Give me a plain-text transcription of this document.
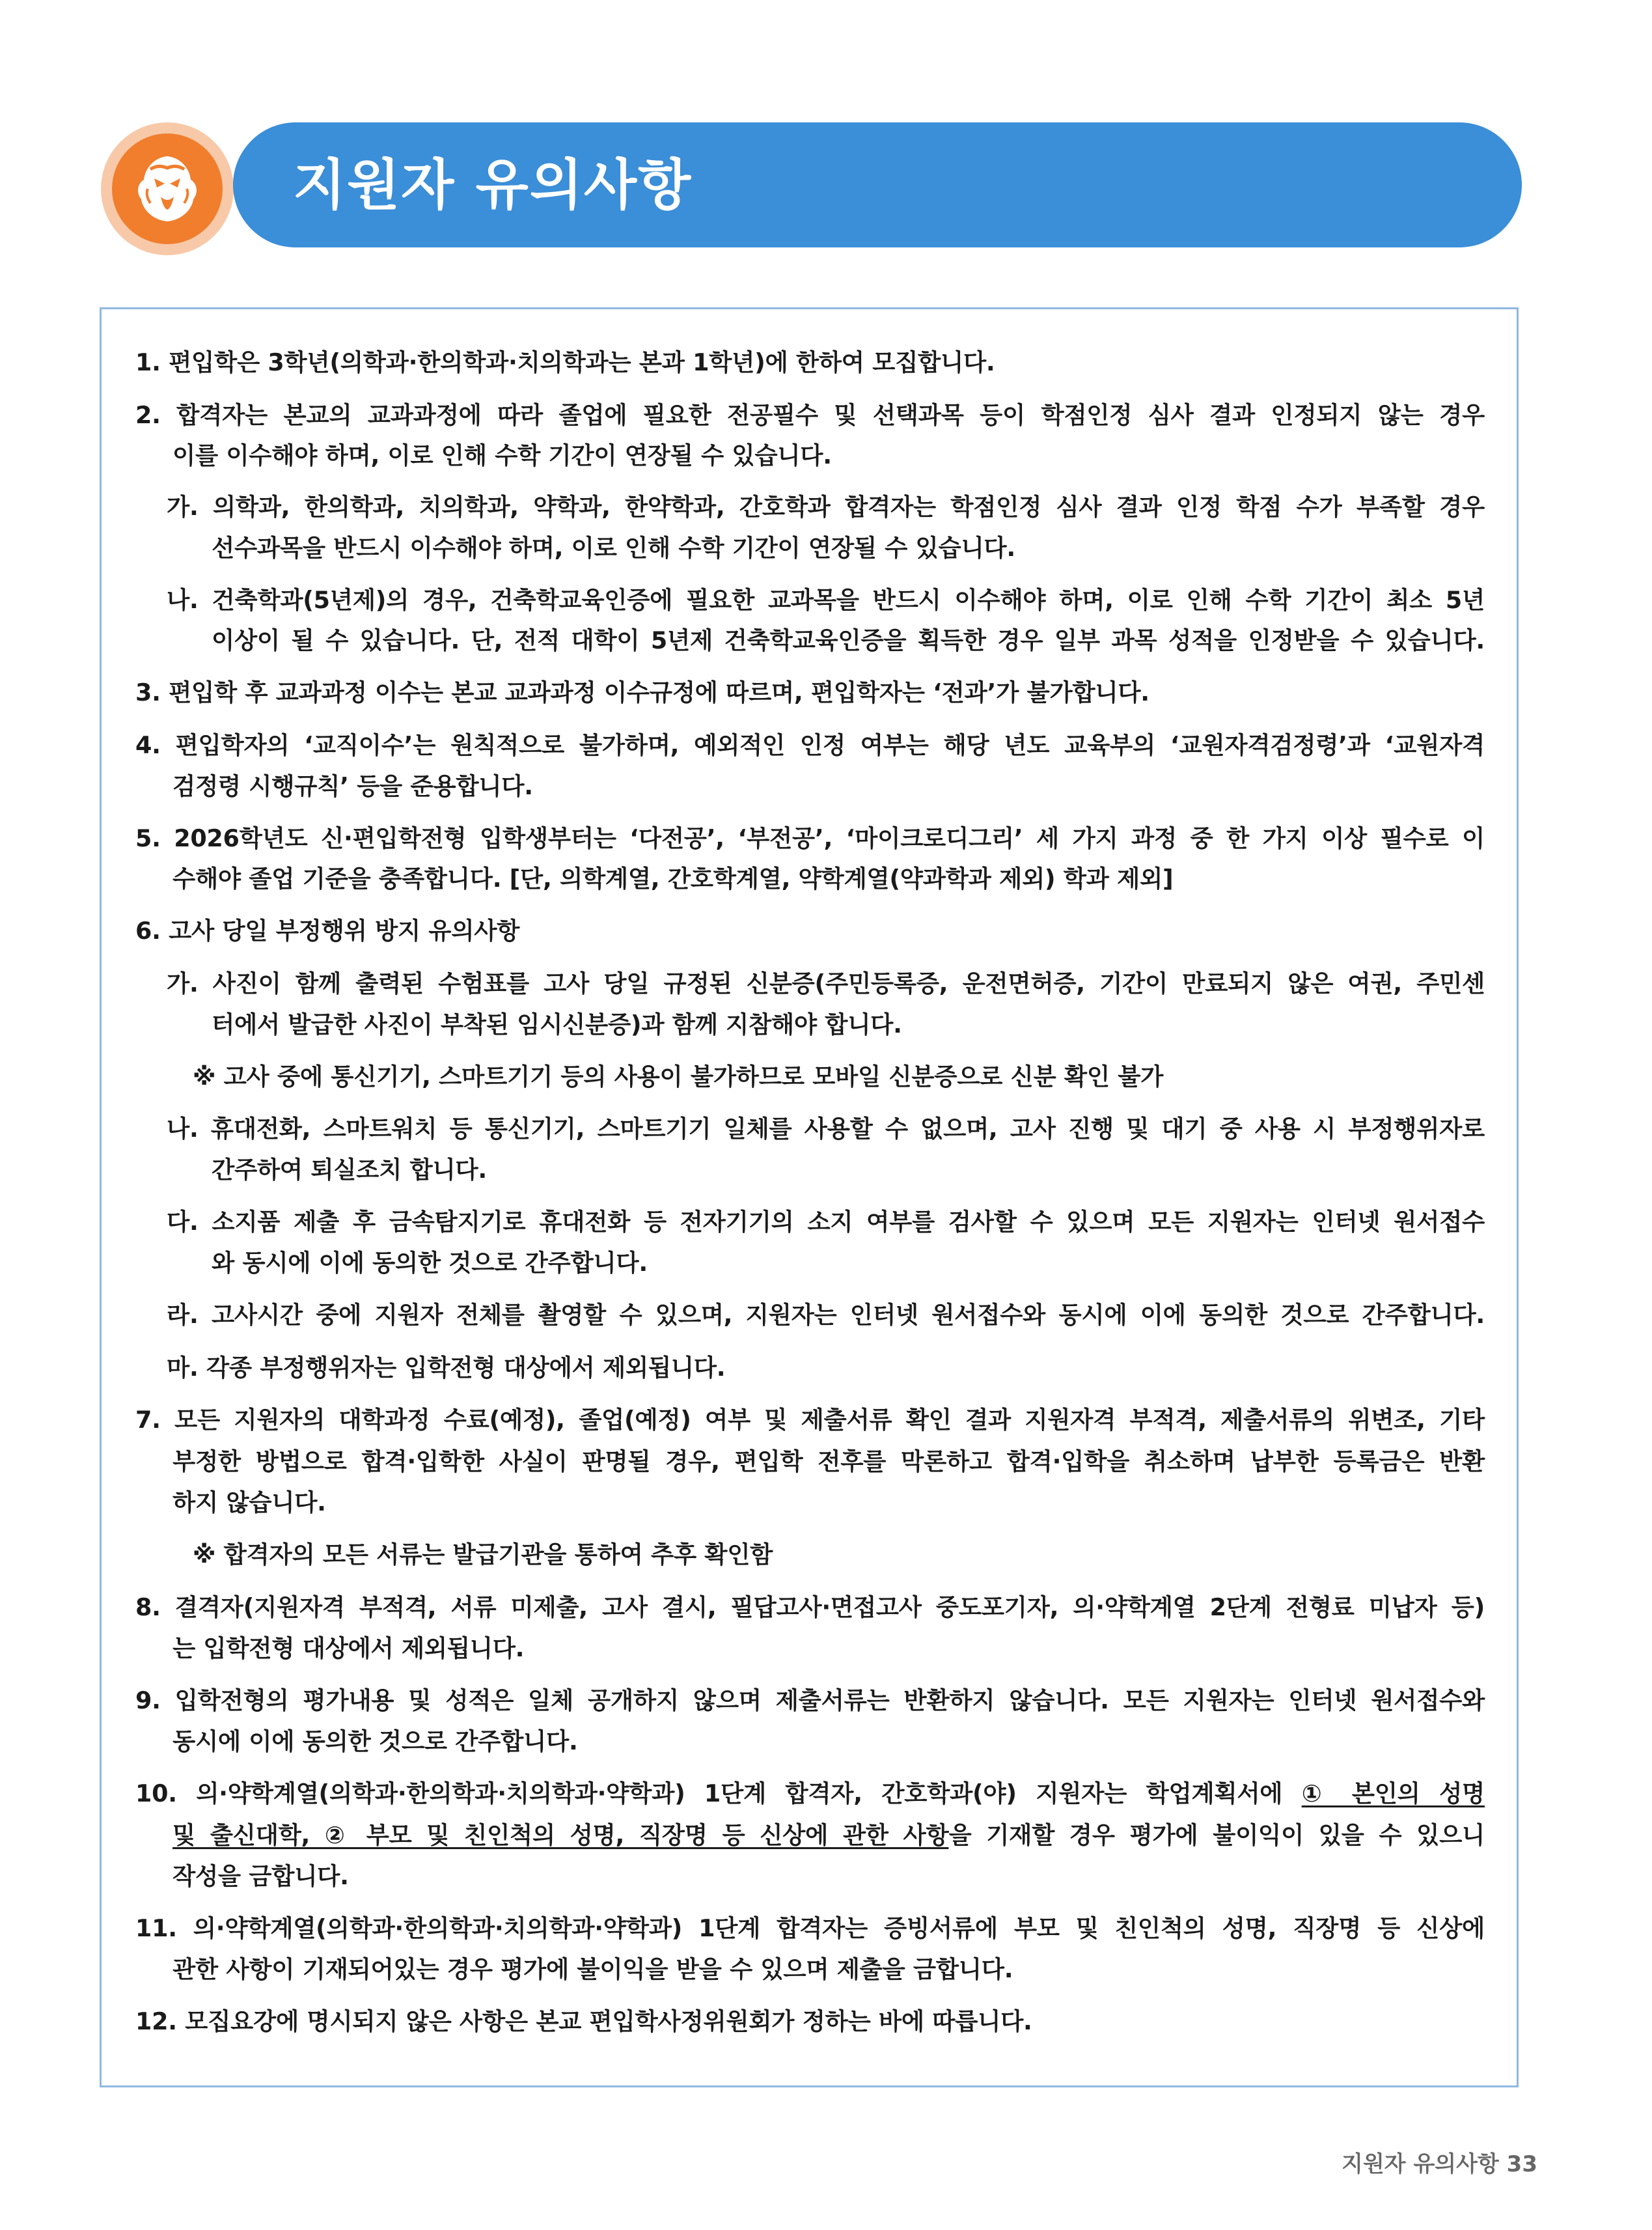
지원자 유의사항
1. 편입학은 3학년(의학과·한의학과·치의학과는 본과 1학년)에 한하여 모집합니다.
2. 합격자는 본교의 교과과정에 따라 졸업에 필요한 전공필수 및 선택과목 등이 학점인정 심사 결과 인정되지 않는 경우
이를 이수해야 하며, 이로 인해 수학 기간이 연장될 수 있습니다.
가. 의학과, 한의학과, 치의학과, 약학과, 한약학과, 간호학과 합격자는 학점인정 심사 결과 인정 학점 수가 부족할 경우
선수과목을 반드시 이수해야 하며, 이로 인해 수학 기간이 연장될 수 있습니다.
나. 건축학과(5년제)의 경우, 건축학교육인증에 필요한 교과목을 반드시 이수해야 하며, 이로 인해 수학 기간이 최소 5년
이상이 될 수 있습니다. 단, 전적 대학이 5년제 건축학교육인증을 획득한 경우 일부 과목 성적을 인정받을 수 있습니다.
3. 편입학 후 교과과정 이수는 본교 교과과정 이수규정에 따르며, 편입학자는 ‘전과’가 불가합니다.
4. 편입학자의 ‘교직이수’는 원칙적으로 불가하며, 예외적인 인정 여부는 해당 년도 교육부의 ‘교원자격검정령’과 ‘교원자격
검정령 시행규칙’ 등을 준용합니다.
5. 2026학년도 신·편입학전형 입학생부터는 ‘다전공’, ‘부전공’, ‘마이크로디그리’ 세 가지 과정 중 한 가지 이상 필수로 이
수해야 졸업 기준을 충족합니다. [단, 의학계열, 간호학계열, 약학계열(약과학과 제외) 학과 제외]
6. 고사 당일 부정행위 방지 유의사항
가. 사진이 함께 출력된 수험표를 고사 당일 규정된 신분증(주민등록증, 운전면허증, 기간이 만료되지 않은 여권, 주민센
터에서 발급한 사진이 부착된 임시신분증)과 함께 지참해야 합니다.
※ 고사 중에 통신기기, 스마트기기 등의 사용이 불가하므로 모바일 신분증으로 신분 확인 불가
나. 휴대전화, 스마트워치 등 통신기기, 스마트기기 일체를 사용할 수 없으며, 고사 진행 및 대기 중 사용 시 부정행위자로
간주하여 퇴실조치 합니다.
다. 소지품 제출 후 금속탐지기로 휴대전화 등 전자기기의 소지 여부를 검사할 수 있으며 모든 지원자는 인터넷 원서접수
와 동시에 이에 동의한 것으로 간주합니다.
라. 고사시간 중에 지원자 전체를 촬영할 수 있으며, 지원자는 인터넷 원서접수와 동시에 이에 동의한 것으로 간주합니다.
마. 각종 부정행위자는 입학전형 대상에서 제외됩니다.
7. 모든 지원자의 대학과정 수료(예정), 졸업(예정) 여부 및 제출서류 확인 결과 지원자격 부적격, 제출서류의 위변조, 기타
부정한 방법으로 합격·입학한 사실이 판명될 경우, 편입학 전후를 막론하고 합격·입학을 취소하며 납부한 등록금은 반환
하지 않습니다.
※ 합격자의 모든 서류는 발급기관을 통하여 추후 확인함
8. 결격자(지원자격 부적격, 서류 미제출, 고사 결시, 필답고사·면접고사 중도포기자, 의·약학계열 2단계 전형료 미납자 등)
는 입학전형 대상에서 제외됩니다.
9. 입학전형의 평가내용 및 성적은 일체 공개하지 않으며 제출서류는 반환하지 않습니다. 모든 지원자는 인터넷 원서접수와
동시에 이에 동의한 것으로 간주합니다.
10. 의·약학계열(의학과·한의학과·치의학과·약학과) 1단계 합격자, 간호학과(야) 지원자는 학업계획서에 ① 본인의 성명
및 출신대학, ② 부모 및 친인척의 성명, 직장명 등 신상에 관한 사항을 기재할 경우 평가에 불이익이 있을 수 있으니
작성을 금합니다.
11. 의·약학계열(의학과·한의학과·치의학과·약학과) 1단계 합격자는 증빙서류에 부모 및 친인척의 성명, 직장명 등 신상에
관한 사항이 기재되어있는 경우 평가에 불이익을 받을 수 있으며 제출을 금합니다.
12. 모집요강에 명시되지 않은 사항은 본교 편입학사정위원회가 정하는 바에 따릅니다.
지원자 유의사항 33
